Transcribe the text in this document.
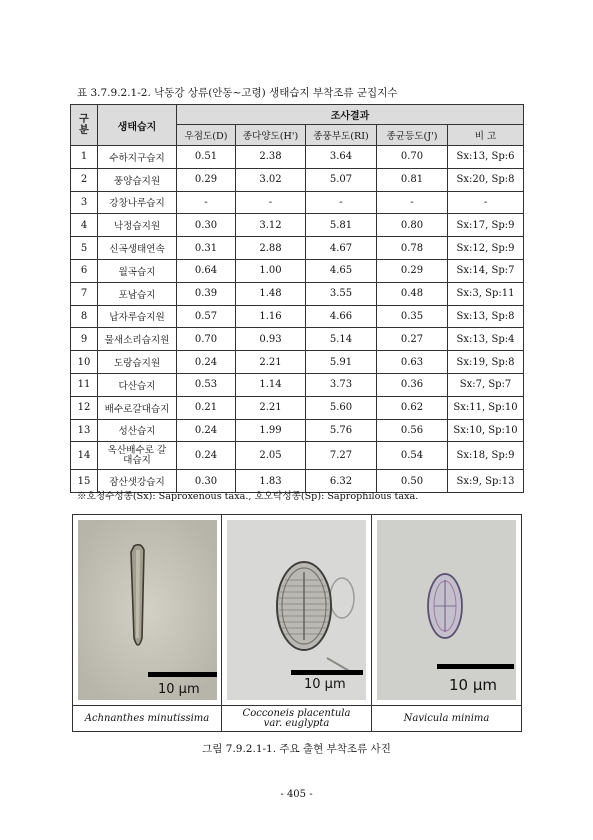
표 3.7.9.2.1-2. 낙동강 상류(안동~고령) 생태습지 부착조류 군집지수
구분	생태습지	조사결과				
		우점도(D)	종다양도(H')	종풍부도(RI)	종균등도(J')	비 고
1	수하지구습지	0.51	2.38	3.64	0.70	Sx:13, Sp:6
2	풍양습지원	0.29	3.02	5.07	0.81	Sx:20, Sp:8
3	강창나루습지	-	-	-	-	-
4	낙정습지원	0.30	3.12	5.81	0.80	Sx:17, Sp:9
5	신곡생태연속	0.31	2.88	4.67	0.78	Sx:12, Sp:9
6	월곡습지	0.64	1.00	4.65	0.29	Sx:14, Sp:7
7	포남습지	0.39	1.48	3.55	0.48	Sx:3, Sp:11
8	납자루습지원	0.57	1.16	4.66	0.35	Sx:13, Sp:8
9	물새소리습지원	0.70	0.93	5.14	0.27	Sx:13, Sp:4
10	도랑습지원	0.24	2.21	5.91	0.63	Sx:19, Sp:8
11	다산습지	0.53	1.14	3.73	0.36	Sx:7, Sp:7
12	배수로갈대습지	0.21	2.21	5.60	0.62	Sx:11, Sp:10
13	성산습지	0.24	1.99	5.76	0.56	Sx:10, Sp:10
14	옥산배수로 갈대습지	0.24	2.05	7.27	0.54	Sx:18, Sp:9
15	잠산샛강습지	0.30	1.83	6.32	0.50	Sx:9, Sp:13
※호청수성종(Sx): Saproxenous taxa., 호오탁성종(Sp): Saprophilous taxa.
10 μm	10 μm	10 μm
Achnanthes minutissima	Cocconeis placentula var. euglypta	Navicula minima
그림 7.9.2.1-1. 주요 출현 부착조류 사진
- 405 -
